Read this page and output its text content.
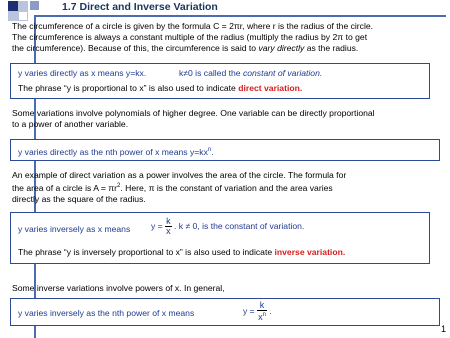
1.7 Direct and Inverse Variation
The circumference of a circle is given by the formula C = 2πr, where r is the radius of the circle.
The circumference is always a constant multiple of the radius (multiply the radius by 2π to get
the circumference). Because of this, the circumference is said to vary directly as the radius.
y varies directly as x means y=kx.	k≠0 is called the constant of variation.
The phrase “y is proportional to x” is also used to indicate direct variation.
Some variations involve polynomials of higher degree. One variable can be directly proportional
to a power of another variable.
y varies directly as the nth power of x means $y=kx^n$.
An example of direct variation as a power involves the area of the circle. The formula for
the area of a circle is $A = \pi r^2$. Here, π is the constant of variation and the area varies
directly as the square of the radius.
y varies inversely as x means $y = \frac{k}{x}$ . k ≠ 0, is the constant of variation.
The phrase “y is inversely proportional to x” is also used to indicate inverse variation.
Some inverse variations involve powers of x. In general,
y varies inversely as the nth power of x means	$y = \frac{k}{x^n}$ .
1
